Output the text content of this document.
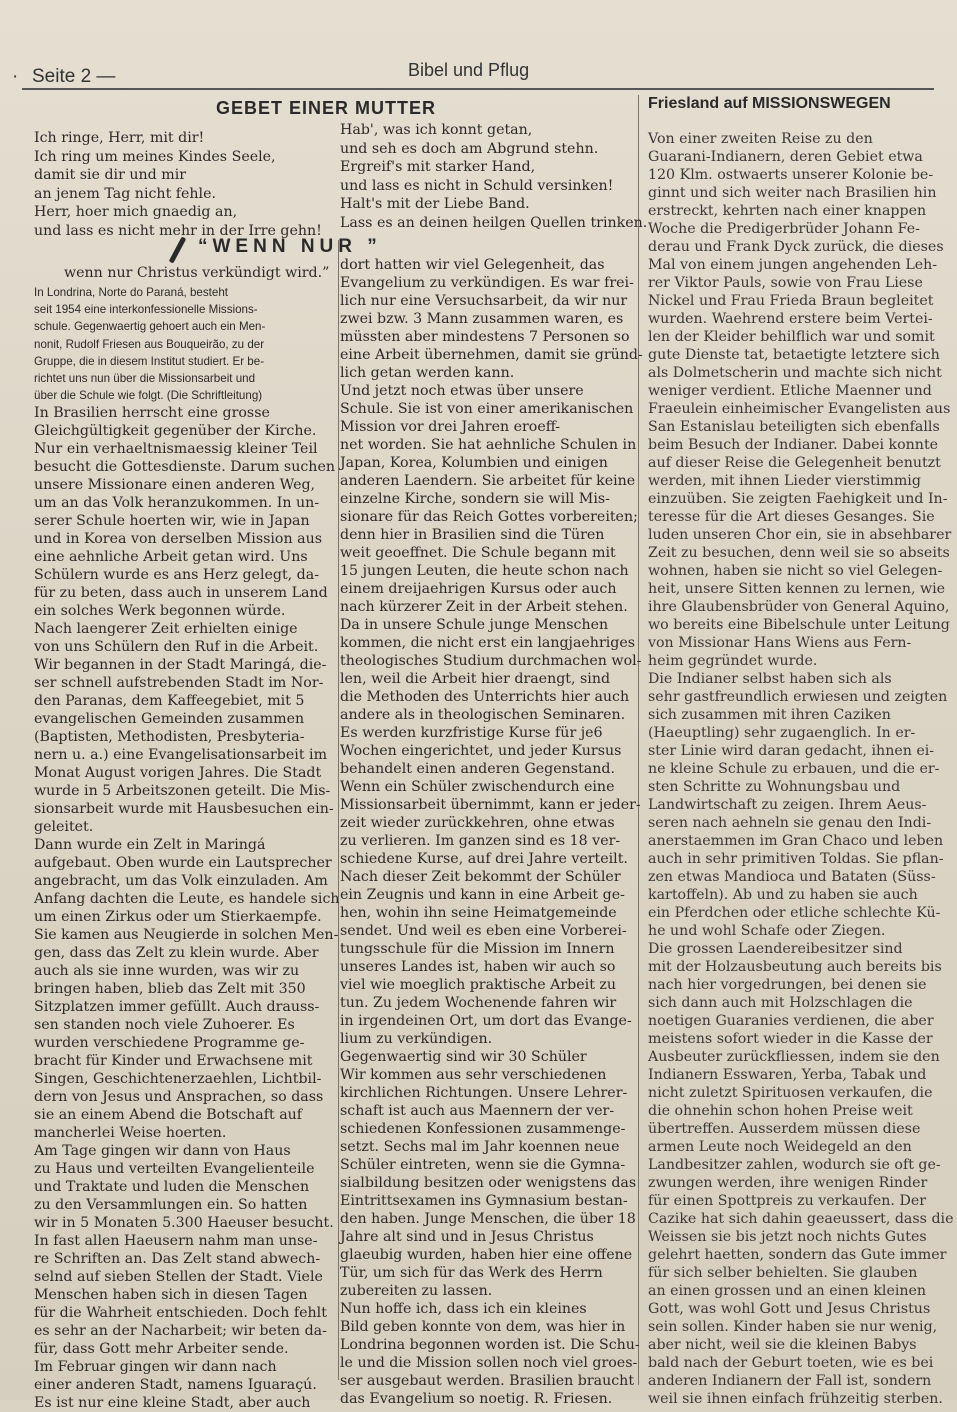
· Seite 2 —	Bibel und Pflug
GEBET EINER MUTTER
Ich ringe, Herr, mit dir!
Ich ring um meines Kindes Seele,
damit sie dir und mir
an jenem Tag nicht fehle.
Herr, hoer mich gnaedig an,
und lass es nicht mehr in der Irre gehn!
Hab', was ich konnt getan,
und seh es doch am Abgrund stehn.
Ergreif's mit starker Hand,
und lass es nicht in Schuld versinken!
Halt's mit der Liebe Band.
Lass es an deinen heilgen Quellen trinken.
“WENN NUR ”
wenn nur Christus verkündigt wird.”
In Londrina, Norte do Paraná, besteht
seit 1954 eine interkonfessionelle Missions-
schule. Gegenwaertig gehoert auch ein Men-
nonit, Rudolf Friesen aus Bouqueirão, zu der
Gruppe, die in diesem Institut studiert. Er be-
richtet uns nun über die Missionsarbeit und
über die Schule wie folgt. (Die Schriftleitung)
In Brasilien herrscht eine grosse
Gleichgültigkeit gegenüber der Kirche.
Nur ein verhaeltnismaessig kleiner Teil
besucht die Gottesdienste. Darum suchen
unsere Missionare einen anderen Weg,
um an das Volk heranzukommen. In un-
serer Schule hoerten wir, wie in Japan
und in Korea von derselben Mission aus
eine aehnliche Arbeit getan wird. Uns
Schülern wurde es ans Herz gelegt, da-
für zu beten, dass auch in unserem Land
ein solches Werk begonnen würde.
Nach laengerer Zeit erhielten einige
von uns Schülern den Ruf in die Arbeit.
Wir begannen in der Stadt Maringá, die-
ser schnell aufstrebenden Stadt im Nor-
den Paranas, dem Kaffeegebiet, mit 5
evangelischen Gemeinden zusammen
(Baptisten, Methodisten, Presbyteria-
nern u. a.) eine Evangelisationsarbeit im
Monat August vorigen Jahres. Die Stadt
wurde in 5 Arbeitszonen geteilt. Die Mis-
sionsarbeit wurde mit Hausbesuchen ein-
geleitet.
Dann wurde ein Zelt in Maringá
aufgebaut. Oben wurde ein Lautsprecher
angebracht, um das Volk einzuladen. Am
Anfang dachten die Leute, es handele sich
um einen Zirkus oder um Stierkaempfe.
Sie kamen aus Neugierde in solchen Men-
gen, dass das Zelt zu klein wurde. Aber
auch als sie inne wurden, was wir zu
bringen haben, blieb das Zelt mit 350
Sitzplatzen immer gefüllt. Auch drauss-
sen standen noch viele Zuhoerer. Es
wurden verschiedene Programme ge-
bracht für Kinder und Erwachsene mit
Singen, Geschichtenerzaehlen, Lichtbil-
dern von Jesus und Ansprachen, so dass
sie an einem Abend die Botschaft auf
mancherlei Weise hoerten.
Am Tage gingen wir dann von Haus
zu Haus und verteilten Evangelienteile
und Traktate und luden die Menschen
zu den Versammlungen ein. So hatten
wir in 5 Monaten 5.300 Haeuser besucht.
In fast allen Haeusern nahm man unse-
re Schriften an. Das Zelt stand abwech-
selnd auf sieben Stellen der Stadt. Viele
Menschen haben sich in diesen Tagen
für die Wahrheit entschieden. Doch fehlt
es sehr an der Nacharbeit; wir beten da-
für, dass Gott mehr Arbeiter sende.
Im Februar gingen wir dann nach
einer anderen Stadt, namens Iguaraçú.
Es ist nur eine kleine Stadt, aber auch
dort hatten wir viel Gelegenheit, das
Evangelium zu verkündigen. Es war frei-
lich nur eine Versuchsarbeit, da wir nur
zwei bzw. 3 Mann zusammen waren, es
müssten aber mindestens 7 Personen so
eine Arbeit übernehmen, damit sie gründ-
lich getan werden kann.
Und jetzt noch etwas über unsere
Schule. Sie ist von einer amerikanischen
Mission vor drei Jahren eroeff-
net worden. Sie hat aehnliche Schulen in
Japan, Korea, Kolumbien und einigen
anderen Laendern. Sie arbeitet für keine
einzelne Kirche, sondern sie will Mis-
sionare für das Reich Gottes vorbereiten;
denn hier in Brasilien sind die Türen
weit geoeffnet. Die Schule begann mit
15 jungen Leuten, die heute schon nach
einem dreijaehrigen Kursus oder auch
nach kürzerer Zeit in der Arbeit stehen.
Da in unsere Schule junge Menschen
kommen, die nicht erst ein langjaehriges
theologisches Studium durchmachen wol-
len, weil die Arbeit hier draengt, sind
die Methoden des Unterrichts hier auch
andere als in theologischen Seminaren.
Es werden kurzfristige Kurse für je6
Wochen eingerichtet, und jeder Kursus
behandelt einen anderen Gegenstand.
Wenn ein Schüler zwischendurch eine
Missionsarbeit übernimmt, kann er jeder-
zeit wieder zurückkehren, ohne etwas
zu verlieren. Im ganzen sind es 18 ver-
schiedene Kurse, auf drei Jahre verteilt.
Nach dieser Zeit bekommt der Schüler
ein Zeugnis und kann in eine Arbeit ge-
hen, wohin ihn seine Heimatgemeinde
sendet. Und weil es eben eine Vorberei-
tungsschule für die Mission im Innern
unseres Landes ist, haben wir auch so
viel wie moeglich praktische Arbeit zu
tun. Zu jedem Wochenende fahren wir
in irgendeinen Ort, um dort das Evange-
lium zu verkündigen.
Gegenwaertig sind wir 30 Schüler
Wir kommen aus sehr verschiedenen
kirchlichen Richtungen. Unsere Lehrer-
schaft ist auch aus Maennern der ver-
schiedenen Konfessionen zusammenge-
setzt. Sechs mal im Jahr koennen neue
Schüler eintreten, wenn sie die Gymna-
sialbildung besitzen oder wenigstens das
Eintrittsexamen ins Gymnasium bestan-
den haben. Junge Menschen, die über 18
Jahre alt sind und in Jesus Christus
glaeubig wurden, haben hier eine offene
Tür, um sich für das Werk des Herrn
zubereiten zu lassen.
Nun hoffe ich, dass ich ein kleines
Bild geben konnte von dem, was hier in
Londrina begonnen worden ist. Die Schu-
le und die Mission sollen noch viel groes-
ser ausgebaut werden. Brasilien braucht
das Evangelium so noetig. R. Friesen.
Friesland auf MISSIONSWEGEN
Von einer zweiten Reise zu den
Guarani-Indianern, deren Gebiet etwa
120 Klm. ostwaerts unserer Kolonie be-
ginnt und sich weiter nach Brasilien hin
erstreckt, kehrten nach einer knappen
Woche die Predigerbrüder Johann Fe-
derau und Frank Dyck zurück, die dieses
Mal von einem jungen angehenden Leh-
rer Viktor Pauls, sowie von Frau Liese
Nickel und Frau Frieda Braun begleitet
wurden. Waehrend erstere beim Vertei-
len der Kleider behilflich war und somit
gute Dienste tat, betaetigte letztere sich
als Dolmetscherin und machte sich nicht
weniger verdient. Etliche Maenner und
Fraeulein einheimischer Evangelisten aus
San Estanislau beteiligten sich ebenfalls
beim Besuch der Indianer. Dabei konnte
auf dieser Reise die Gelegenheit benutzt
werden, mit ihnen Lieder vierstimmig
einzuüben. Sie zeigten Faehigkeit und In-
teresse für die Art dieses Gesanges. Sie
luden unseren Chor ein, sie in absehbarer
Zeit zu besuchen, denn weil sie so abseits
wohnen, haben sie nicht so viel Gelegen-
heit, unsere Sitten kennen zu lernen, wie
ihre Glaubensbrüder von General Aquino,
wo bereits eine Bibelschule unter Leitung
von Missionar Hans Wiens aus Fern-
heim gegründet wurde.
Die Indianer selbst haben sich als
sehr gastfreundlich erwiesen und zeigten
sich zusammen mit ihren Caziken
(Haeuptling) sehr zugaenglich. In er-
ster Linie wird daran gedacht, ihnen ei-
ne kleine Schule zu erbauen, und die er-
sten Schritte zu Wohnungsbau und
Landwirtschaft zu zeigen. Ihrem Aeus-
seren nach aehneln sie genau den Indi-
anerstaemmen im Gran Chaco und leben
auch in sehr primitiven Toldas. Sie pflan-
zen etwas Mandioca und Bataten (Süss-
kartoffeln). Ab und zu haben sie auch
ein Pferdchen oder etliche schlechte Kü-
he und wohl Schafe oder Ziegen.
Die grossen Laendereibesitzer sind
mit der Holzausbeutung auch bereits bis
nach hier vorgedrungen, bei denen sie
sich dann auch mit Holzschlagen die
noetigen Guaranies verdienen, die aber
meistens sofort wieder in die Kasse der
Ausbeuter zurückfliessen, indem sie den
Indianern Esswaren, Yerba, Tabak und
nicht zuletzt Spirituosen verkaufen, die
die ohnehin schon hohen Preise weit
übertreffen. Ausserdem müssen diese
armen Leute noch Weidegeld an den
Landbesitzer zahlen, wodurch sie oft ge-
zwungen werden, ihre wenigen Rinder
für einen Spottpreis zu verkaufen. Der
Cazike hat sich dahin geaeussert, dass die
Weissen sie bis jetzt noch nichts Gutes
gelehrt haetten, sondern das Gute immer
für sich selber behielten. Sie glauben
an einen grossen und an einen kleinen
Gott, was wohl Gott und Jesus Christus
sein sollen. Kinder haben sie nur wenig,
aber nicht, weil sie die kleinen Babys
bald nach der Geburt toeten, wie es bei
anderen Indianern der Fall ist, sondern
weil sie ihnen einfach frühzeitig sterben.
